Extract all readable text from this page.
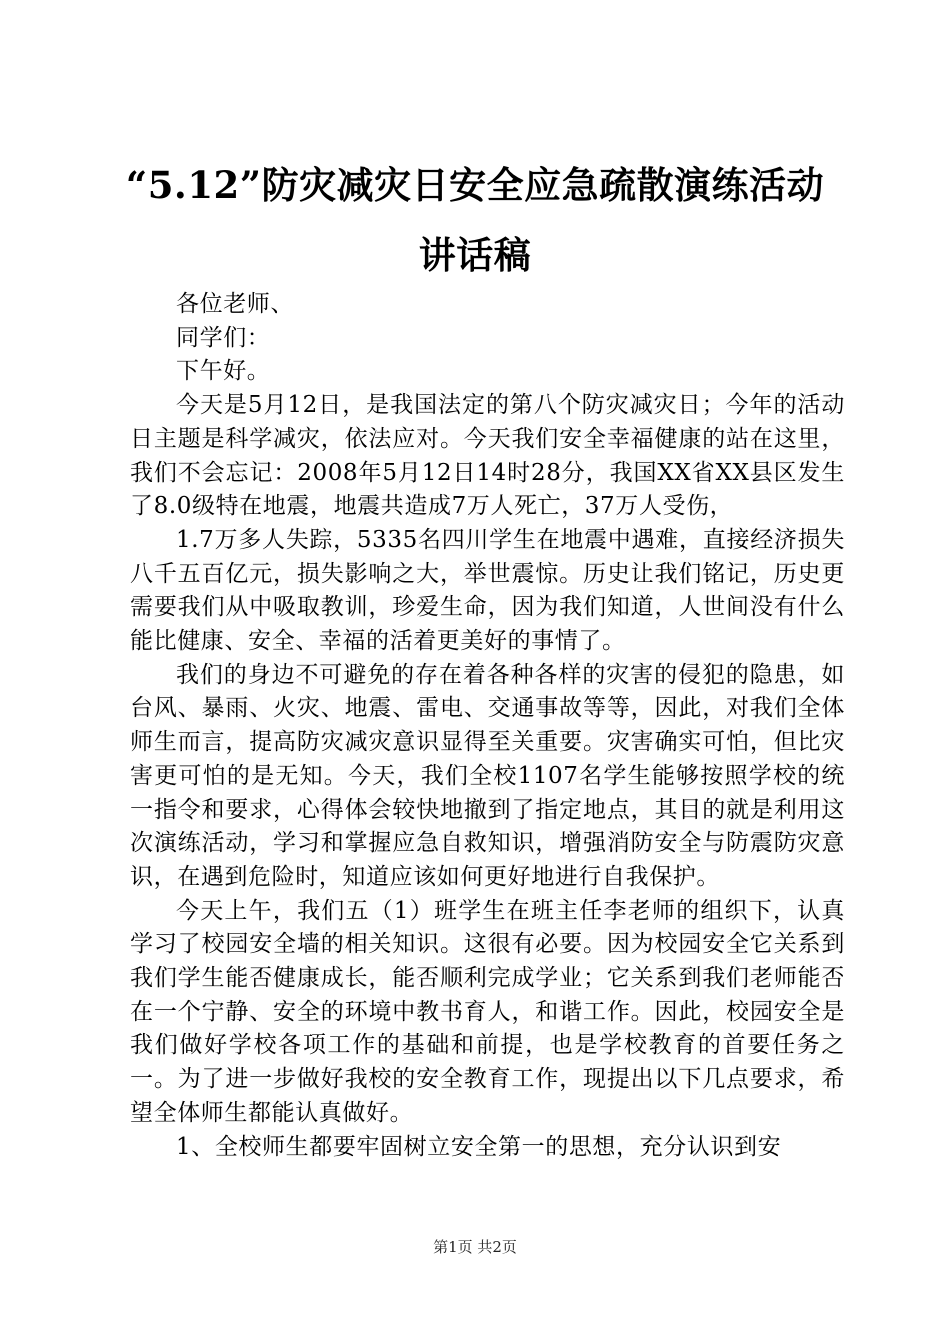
“5.12”防灾减灾日安全应急疏散演练活动讲话稿

各位老师、

同学们：

下午好。

今天是5月12日，是我国法定的第八个防灾减灾日；今年的活动日主题是科学减灾，依法应对。今天我们安全幸福健康的站在这里，我们不会忘记：2008年5月12日14时28分，我国XX省XX县区发生了8.0级特在地震，地震共造成7万人死亡，37万人受伤，

1.7万多人失踪，5335名四川学生在地震中遇难，直接经济损失八千五百亿元，损失影响之大，举世震惊。历史让我们铭记，历史更需要我们从中吸取教训，珍爱生命，因为我们知道，人世间没有什么能比健康、安全、幸福的活着更美好的事情了。

我们的身边不可避免的存在着各种各样的灾害的侵犯的隐患，如台风、暴雨、火灾、地震、雷电、交通事故等等，因此，对我们全体师生而言，提高防灾减灾意识显得至关重要。灾害确实可怕，但比灾害更可怕的是无知。今天，我们全校1107名学生能够按照学校的统一指令和要求，心得体会较快地撤到了指定地点，其目的就是利用这次演练活动，学习和掌握应急自救知识，增强消防安全与防震防灾意识，在遇到危险时，知道应该如何更好地进行自我保护。

今天上午，我们五（1）班学生在班主任李老师的组织下，认真学习了校园安全墙的相关知识。这很有必要。因为校园安全它关系到我们学生能否健康成长，能否顺利完成学业；它关系到我们老师能否在一个宁静、安全的环境中教书育人，和谐工作。因此，校园安全是我们做好学校各项工作的基础和前提，也是学校教育的首要任务之一。为了进一步做好我校的安全教育工作，现提出以下几点要求，希望全体师生都能认真做好。

1、全校师生都要牢固树立安全第一的思想，充分认识到安

第1页 共2页
